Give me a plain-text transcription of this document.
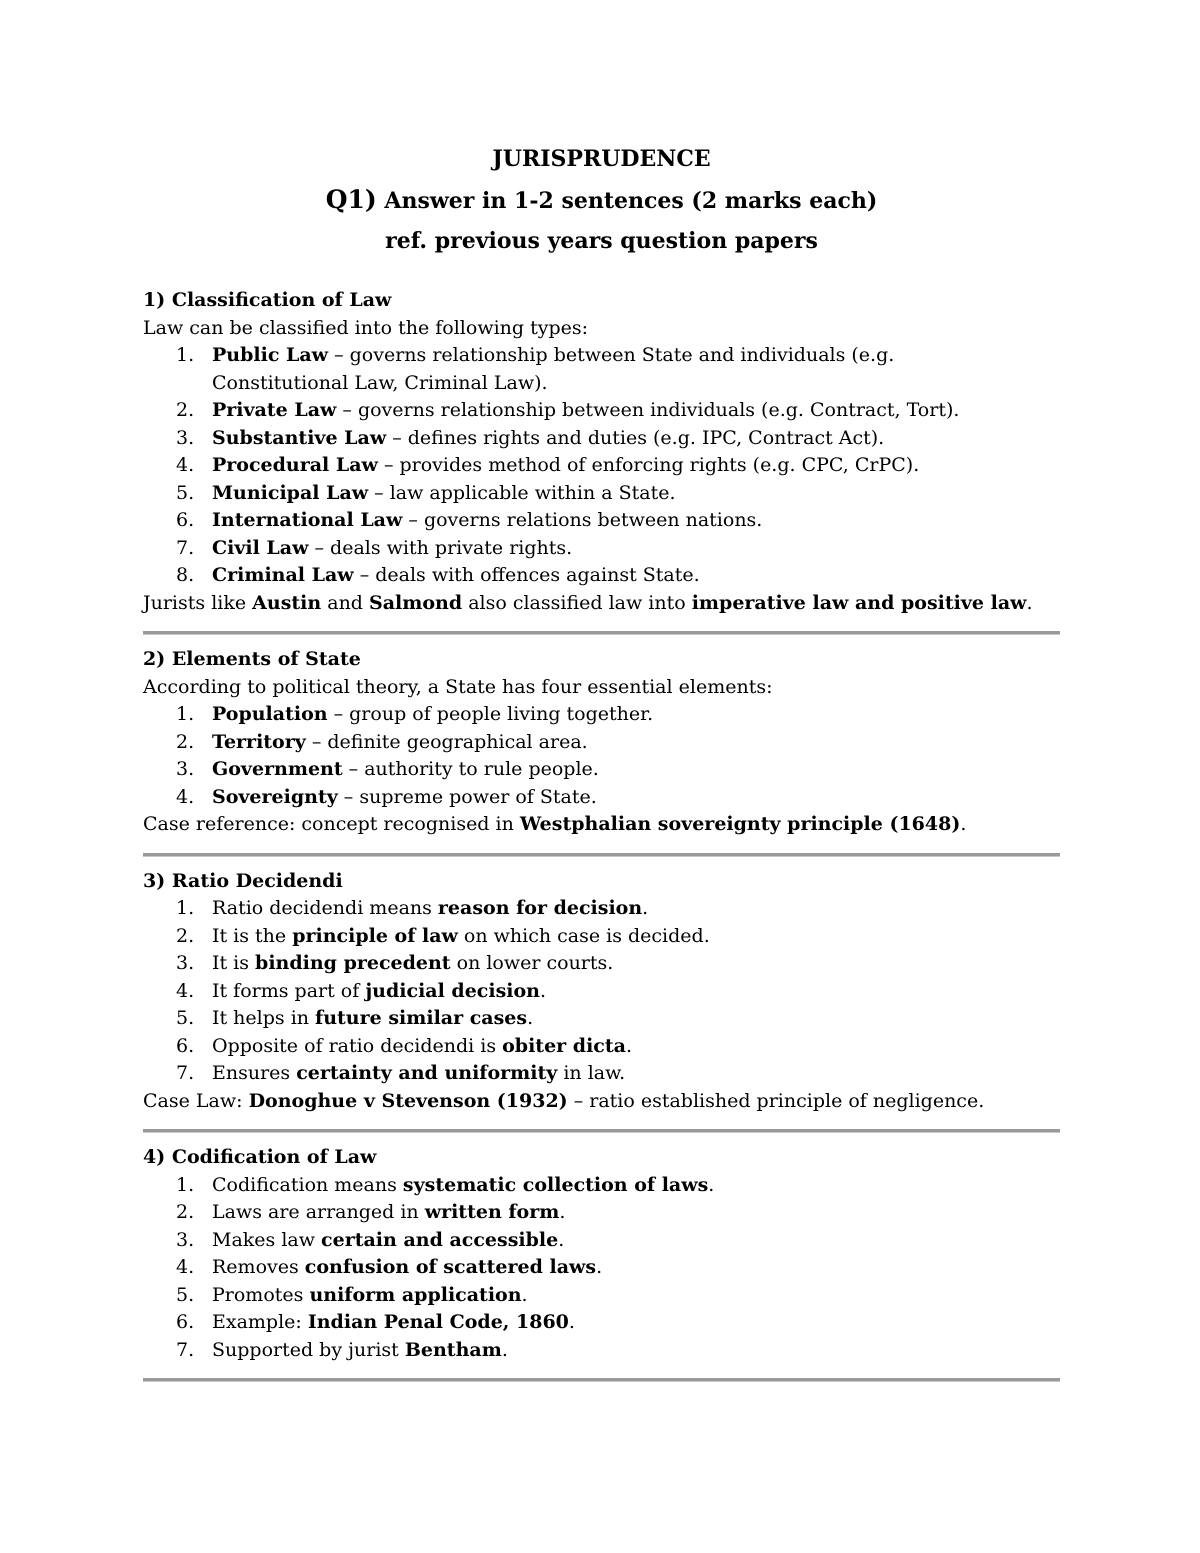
JURISPRUDENCE
Q1) Answer in 1-2 sentences (2 marks each)
ref. previous years question papers
1) Classification of Law
Law can be classified into the following types:
1. Public Law – governs relationship between State and individuals (e.g.
Constitutional Law, Criminal Law).
2. Private Law – governs relationship between individuals (e.g. Contract, Tort).
3. Substantive Law – defines rights and duties (e.g. IPC, Contract Act).
4. Procedural Law – provides method of enforcing rights (e.g. CPC, CrPC).
5. Municipal Law – law applicable within a State.
6. International Law – governs relations between nations.
7. Civil Law – deals with private rights.
8. Criminal Law – deals with offences against State.
Jurists like Austin and Salmond also classified law into imperative law and positive law.
2) Elements of State
According to political theory, a State has four essential elements:
1. Population – group of people living together.
2. Territory – definite geographical area.
3. Government – authority to rule people.
4. Sovereignty – supreme power of State.
Case reference: concept recognised in Westphalian sovereignty principle (1648).
3) Ratio Decidendi
1. Ratio decidendi means reason for decision.
2. It is the principle of law on which case is decided.
3. It is binding precedent on lower courts.
4. It forms part of judicial decision.
5. It helps in future similar cases.
6. Opposite of ratio decidendi is obiter dicta.
7. Ensures certainty and uniformity in law.
Case Law: Donoghue v Stevenson (1932) – ratio established principle of negligence.
4) Codification of Law
1. Codification means systematic collection of laws.
2. Laws are arranged in written form.
3. Makes law certain and accessible.
4. Removes confusion of scattered laws.
5. Promotes uniform application.
6. Example: Indian Penal Code, 1860.
7. Supported by jurist Bentham.
